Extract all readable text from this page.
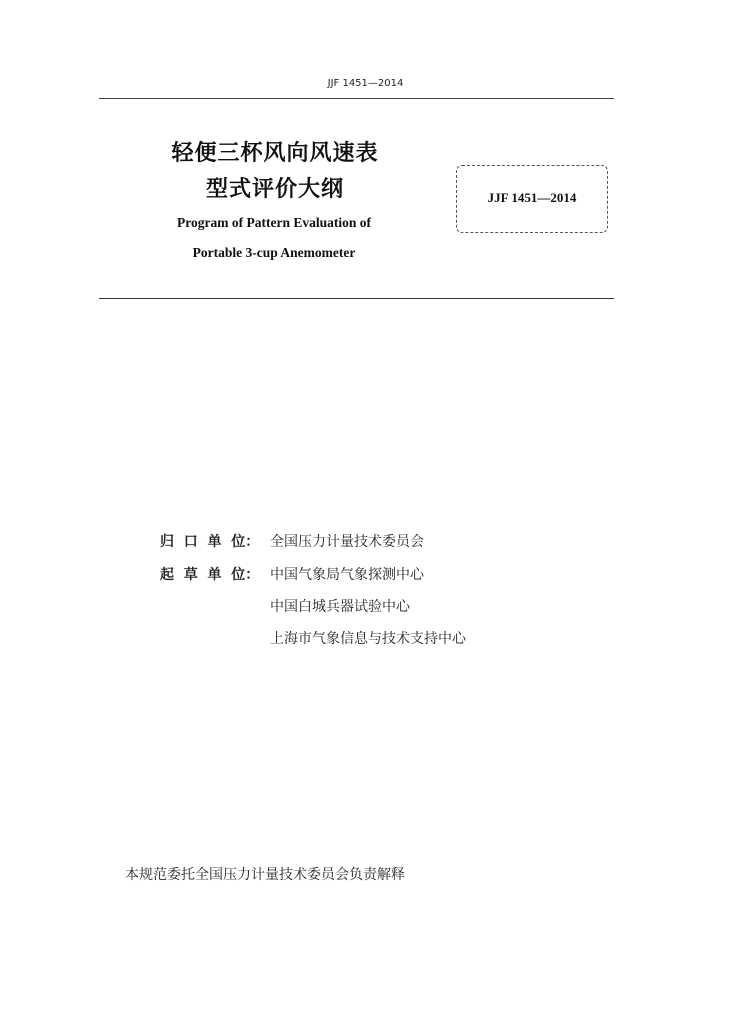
JJF 1451—2014
轻便三杯风向风速表
型式评价大纲
Program of Pattern Evaluation of
Portable 3-cup Anemometer
JJF 1451—2014
归  口  单  位： 全国压力计量技术委员会
起  草  单  位： 中国气象局气象探测中心
中国白城兵器试验中心
上海市气象信息与技术支持中心
本规范委托全国压力计量技术委员会负责解释
